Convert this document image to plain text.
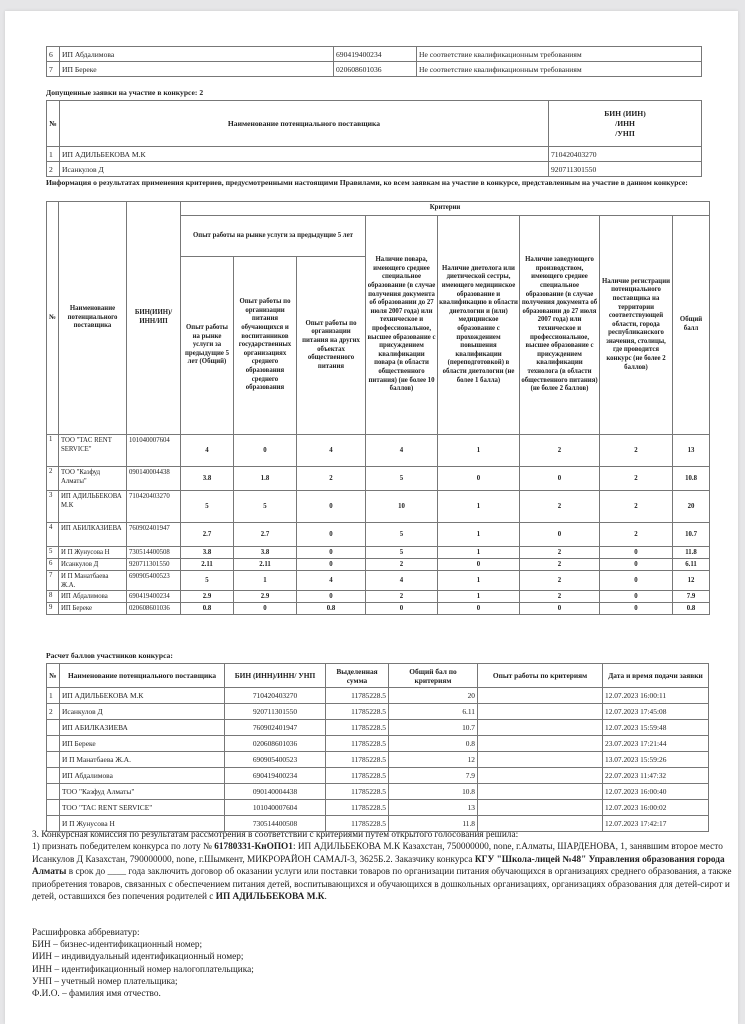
6	ИП Абдалимова	690419400234	Не соответствие квалификационным требованиям
7	ИП Береке	020608601036	Не соответствие квалификационным требованиям
Допущенные заявки на участие в конкурсе: 2
№	Наименование потенциального поставщика	БИН (ИИН)
/ИНН
/УНП
1	ИП АДИЛЬБЕКОВА М.К	710420403270
2	Исанкулов Д	920711301550
Информация о результатах применения критериев, предусмотренными настоящими Правилами, ко всем заявкам на участие в конкурсе, представленным на участие в данном конкурсе:
№	Наименование потенциального поставщика	БИН(ИИН)/ ИНН/ИП	Критерии							
Опыт работы на рынке услуги за предыдущие 5 лет	Наличие повара, имеющего среднее специальное образование (в случае получения документа об образовании до 27 июля 2007 года) или техническое и профессиональное, высшее образование с присуждением квалификации повара (в области общественного питания) (не более 10 баллов)	Наличие диетолога или диетической сестры, имеющего медицинское образование и квалификацию в области диетологии и (или) медицинское образование с прохождением повышения квалификации (переподготовкой) в области диетологии (не более 1 балла)	Наличие заведующего производством, имеющего среднее специальное образование (в случае получения документа об образовании до 27 июля 2007 года) или техническое и профессиональное, высшее образование с присуждением квалификации технолога (в области общественного питания) (не более 2 баллов)	Наличие регистрации потенциального поставщика на территории соответствующей области, города республиканского значения, столицы, где проводится конкурс (не более 2 баллов)	Общий балл
			Опыт работы на рынке услуги за предыдущие 5 лет (Общий)	Опыт работы по организации питания обучающихся и воспитанников государственных организациях среднего образования среднего образования	Опыт работы по организации питания на других объектах общественного питания					
1	ТОО "TAC RENT SERVICE"	101040007604	4	0	4	4	1	2	2	13
2	ТОО "Казфуд Алматы"	090140004438	3.8	1.8	2	5	0	0	2	10.8
3	ИП АДИЛЬБЕКОВА М.К	710420403270	5	5	0	10	1	2	2	20
4	ИП АБИЛКАЗИЕВА	760902401947	2.7	2.7	0	5	1	0	2	10.7
5	И П Жунусова Н	730514400508	3.8	3.8	0	5	1	2	0	11.8
6	Исанкулов Д	920711301550	2.11	2.11	0	2	0	2	0	6.11
7	И П Манатбаева Ж.А.	690905400523	5	1	4	4	1	2	0	12
8	ИП Абдалимова	690419400234	2.9	2.9	0	2	1	2	0	7.9
9	ИП Береке	020608601036	0.8	0	0.8	0	0	0	0	0.8
Расчет баллов участников конкурса:
№	Наименование потенциального поставщика	БИН (ИНН)/ИНН/ УНП	Выделенная сумма	Общий бал по критериям	Опыт работы по критериям	Дата и время подачи заявки
1	ИП АДИЛЬБЕКОВА М.К	710420403270	11785228.5	20		12.07.2023 16:00:11
2	Исанкулов Д	920711301550	11785228.5	6.11		12.07.2023 17:45:08
	ИП АБИЛКАЗИЕВА	760902401947	11785228.5	10.7		12.07.2023 15:59:48
	ИП Береке	020608601036	11785228.5	0.8		23.07.2023 17:21:44
	И П Манатбаева Ж.А.	690905400523	11785228.5	12		13.07.2023 15:59:26
	ИП Абдалимова	690419400234	11785228.5	7.9		22.07.2023 11:47:32
	ТОО "Казфуд Алматы"	090140004438	11785228.5	10.8		12.07.2023 16:00:40
	ТОО "TAC RENT SERVICE"	101040007604	11785228.5	13		12.07.2023 16:00:02
	И П Жунусова Н	730514400508	11785228.5	11.8		12.07.2023 17:42:17
3. Конкурсная комиссия по результатам рассмотрения в соответствии с критериями путем открытого голосования решила:
1) признать победителем конкурса по лоту № 61780331-КнОПО1: ИП АДИЛЬБЕКОВА М.К Казахстан, 750000000, none, г.Алматы, ШАРДЕНОВА, 1, занявшим второе место Исанкулов Д Казахстан, 790000000, none, г.Шымкент, МИКРОРАЙОН САМАЛ-3, 3625Б.2. Заказчику конкурса КГУ "Школа-лицей №48" Управления образования города Алматы в срок до ____ года заключить договор об оказании услуги или поставки товаров по организации питания обучающихся в организациях среднего образования, а также приобретения товаров, связанных с обеспечением питания детей, воспитывающихся и обучающихся в дошкольных организациях, организациях образования для детей-сирот и детей, оставшихся без попечения родителей с ИП АДИЛЬБЕКОВА М.К.
Расшифровка аббревиатур:
БИН – бизнес-идентификационный номер;
ИИН – индивидуальный идентификационный номер;
ИНН – идентификационный номер налогоплательщика;
УНП – учетный номер плательщика;
Ф.И.О. – фамилия имя отчество.
